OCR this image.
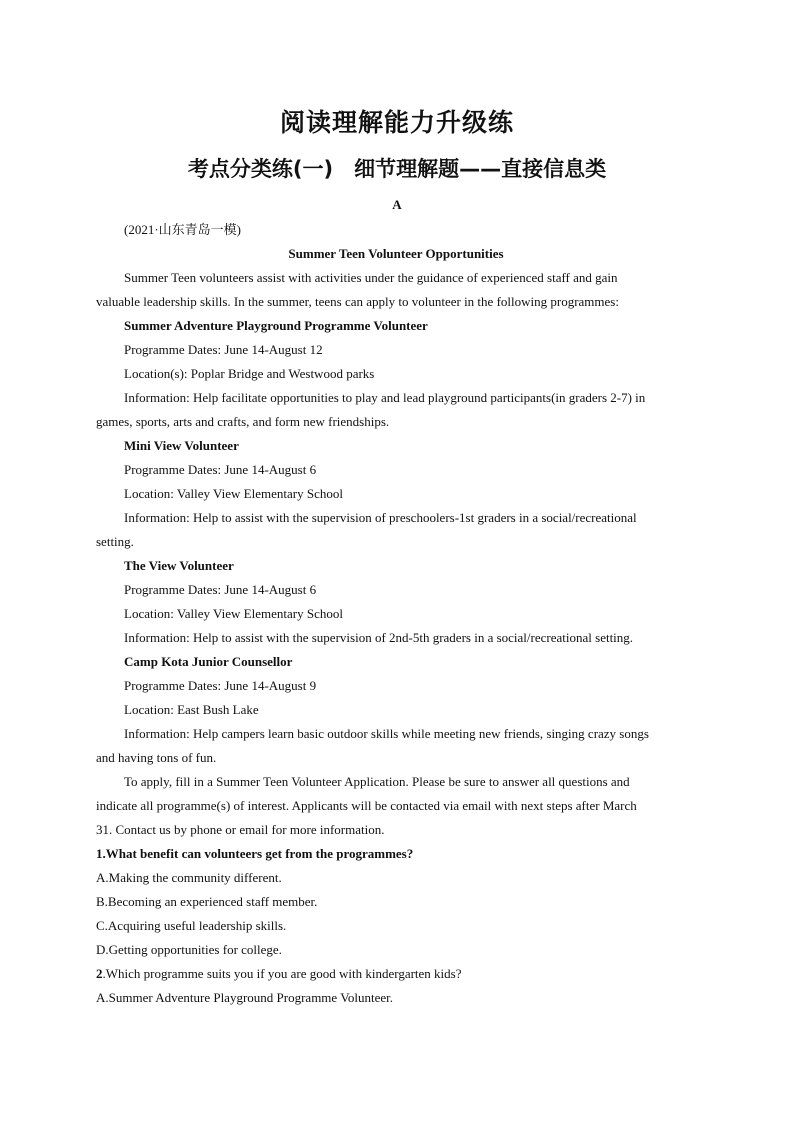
阅读理解能力升级练
考点分类练(一)　细节理解题——直接信息类
A

(2021·山东青岛一模)

Summer Teen Volunteer Opportunities

Summer Teen volunteers assist with activities under the guidance of experienced staff and gain

valuable leadership skills. In the summer, teens can apply to volunteer in the following programmes:

Summer Adventure Playground Programme Volunteer

Programme Dates: June 14-August 12

Location(s): Poplar Bridge and Westwood parks

Information: Help facilitate opportunities to play and lead playground participants(in graders 2-7) in

games, sports, arts and crafts, and form new friendships.

Mini View Volunteer

Programme Dates: June 14-August 6

Location: Valley View Elementary School

Information: Help to assist with the supervision of preschoolers-1st graders in a social/recreational

setting.

The View Volunteer

Programme Dates: June 14-August 6

Location: Valley View Elementary School

Information: Help to assist with the supervision of 2nd-5th graders in a social/recreational setting.

Camp Kota Junior Counsellor

Programme Dates: June 14-August 9

Location: East Bush Lake

Information: Help campers learn basic outdoor skills while meeting new friends, singing crazy songs

and having tons of fun.

To apply, fill in a Summer Teen Volunteer Application. Please be sure to answer all questions and

indicate all programme(s) of interest. Applicants will be contacted via email with next steps after March

31. Contact us by phone or email for more information.

1.What benefit can volunteers get from the programmes?

A.Making the community different.

B.Becoming an experienced staff member.

C.Acquiring useful leadership skills.

D.Getting opportunities for college.

2.Which programme suits you if you are good with kindergarten kids?

A.Summer Adventure Playground Programme Volunteer.
